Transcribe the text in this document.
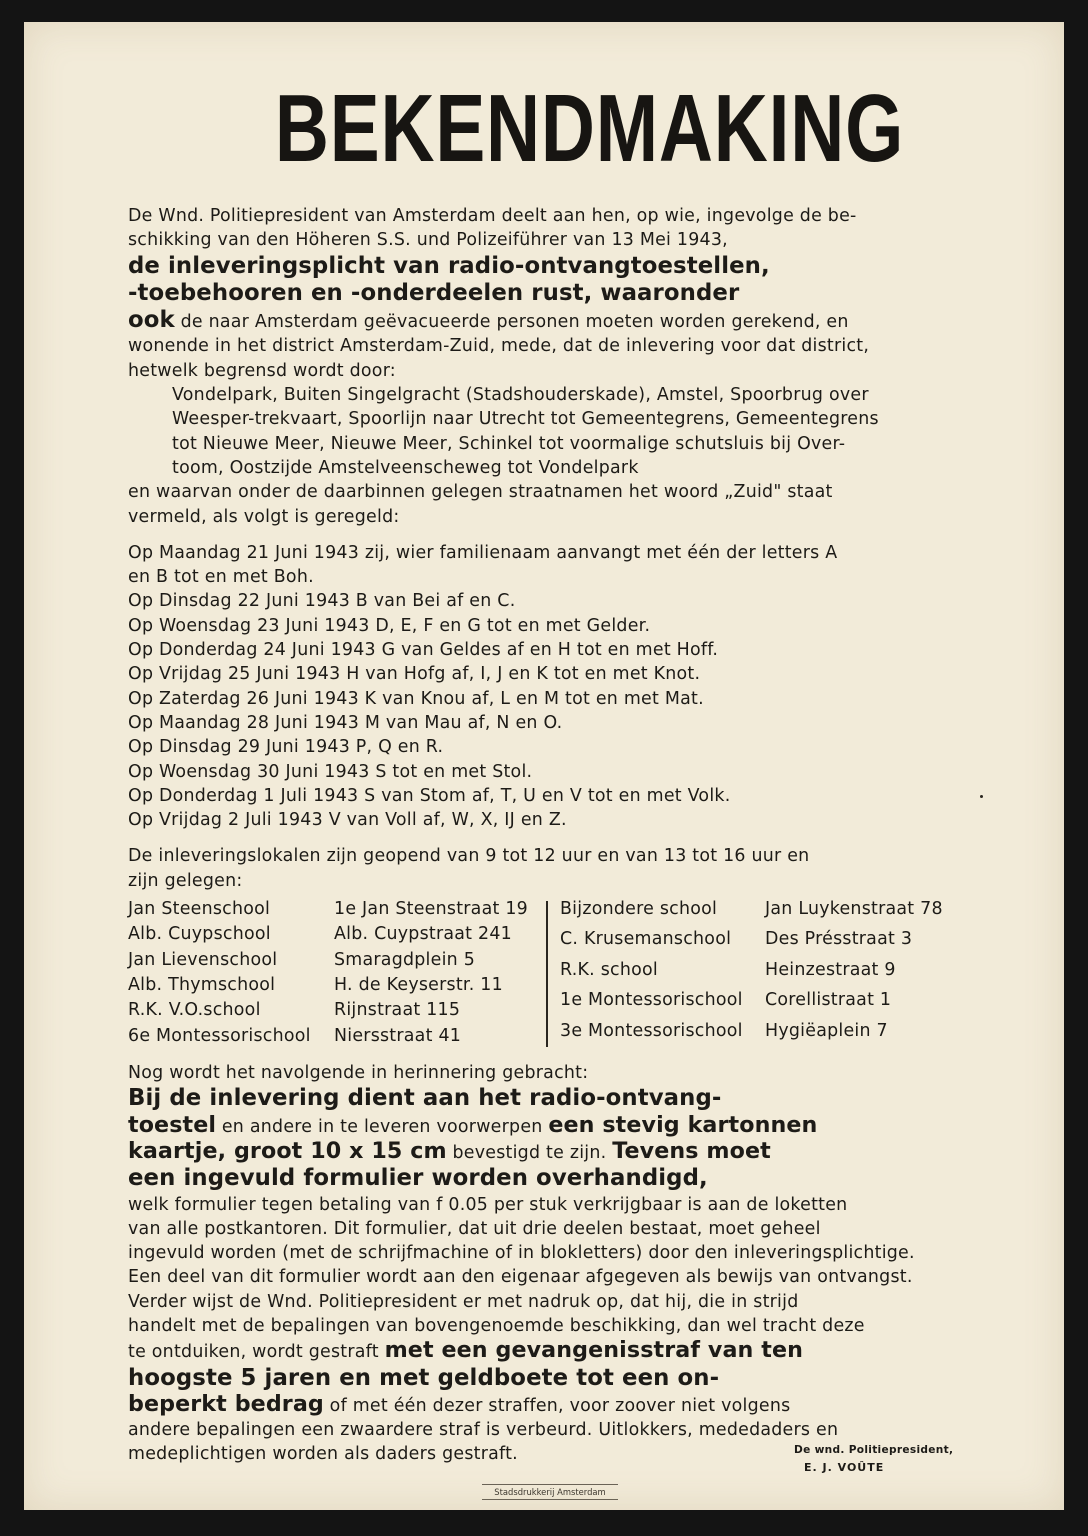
BEKENDMAKING

De Wnd. Politiepresident van Amsterdam deelt aan hen, op wie, ingevolge de be-
schikking van den Höheren S.S. und Polizeiführer van 13 Mei 1943,
de inleveringsplicht van radio-ontvangtoestellen,
-toebehooren en -onderdeelen rust, waaronder
ook de naar Amsterdam geëvacueerde personen moeten worden gerekend, en
wonende in het district Amsterdam-Zuid, mede, dat de inlevering voor dat district,
hetwelk begrensd wordt door:

Vondelpark, Buiten Singelgracht (Stadshouderskade), Amstel, Spoorbrug over
Weesper-trekvaart, Spoorlijn naar Utrecht tot Gemeentegrens, Gemeentegrens
tot Nieuwe Meer, Nieuwe Meer, Schinkel tot voormalige schutsluis bij Over-
toom, Oostzijde Amstelveenscheweg tot Vondelpark

en waarvan onder de daarbinnen gelegen straatnamen het woord „Zuid" staat
vermeld, als volgt is geregeld:

Op Maandag 21 Juni 1943 zij, wier familienaam aanvangt met één der letters A
en B tot en met Boh.
Op Dinsdag 22 Juni 1943 B van Bei af en C.
Op Woensdag 23 Juni 1943 D, E, F en G tot en met Gelder.
Op Donderdag 24 Juni 1943 G van Geldes af en H tot en met Hoff.
Op Vrijdag 25 Juni 1943 H van Hofg af, I, J en K tot en met Knot.
Op Zaterdag 26 Juni 1943 K van Knou af, L en M tot en met Mat.
Op Maandag 28 Juni 1943 M van Mau af, N en O.
Op Dinsdag 29 Juni 1943 P, Q en R.
Op Woensdag 30 Juni 1943 S tot en met Stol.
Op Donderdag 1 Juli 1943 S van Stom af, T, U en V tot en met Volk.
Op Vrijdag 2 Juli 1943 V van Voll af, W, X, IJ en Z.

De inleveringslokalen zijn geopend van 9 tot 12 uur en van 13 tot 16 uur en
zijn gelegen:

Jan Steenschool	1e Jan Steenstraat 19
Alb. Cuypschool	Alb. Cuypstraat 241
Jan Lievenschool	Smaragdplein 5
Alb. Thymschool	H. de Keyserstr. 11
R.K. V.O.school	Rijnstraat 115
6e Montessorischool	Niersstraat 41
Bijzondere school	Jan Luykenstraat 78
C. Krusemanschool	Des Présstraat 3
R.K. school	Heinzestraat 9
1e Montessorischool	Corellistraat 1
3e Montessorischool	Hygiëaplein 7

Nog wordt het navolgende in herinnering gebracht:
Bij de inlevering dient aan het radio-ontvang-
toestel en andere in te leveren voorwerpen een stevig kartonnen
kaartje, groot 10 x 15 cm bevestigd te zijn. Tevens moet
een ingevuld formulier worden overhandigd,
welk formulier tegen betaling van f 0.05 per stuk verkrijgbaar is aan de loketten
van alle postkantoren. Dit formulier, dat uit drie deelen bestaat, moet geheel
ingevuld worden (met de schrijfmachine of in blokletters) door den inleveringsplichtige.
Een deel van dit formulier wordt aan den eigenaar afgegeven als bewijs van ontvangst.

Verder wijst de Wnd. Politiepresident er met nadruk op, dat hij, die in strijd
handelt met de bepalingen van bovengenoemde beschikking, dan wel tracht deze
te ontduiken, wordt gestraft met een gevangenisstraf van ten
hoogste 5 jaren en met geldboete tot een on-
beperkt bedrag of met één dezer straffen, voor zoover niet volgens
andere bepalingen een zwaardere straf is verbeurd. Uitlokkers, mededaders en
medeplichtigen worden als daders gestraft.	De wnd. Politiepresident,
E. J. VOÛTE
Stadsdrukkerij Amsterdam
